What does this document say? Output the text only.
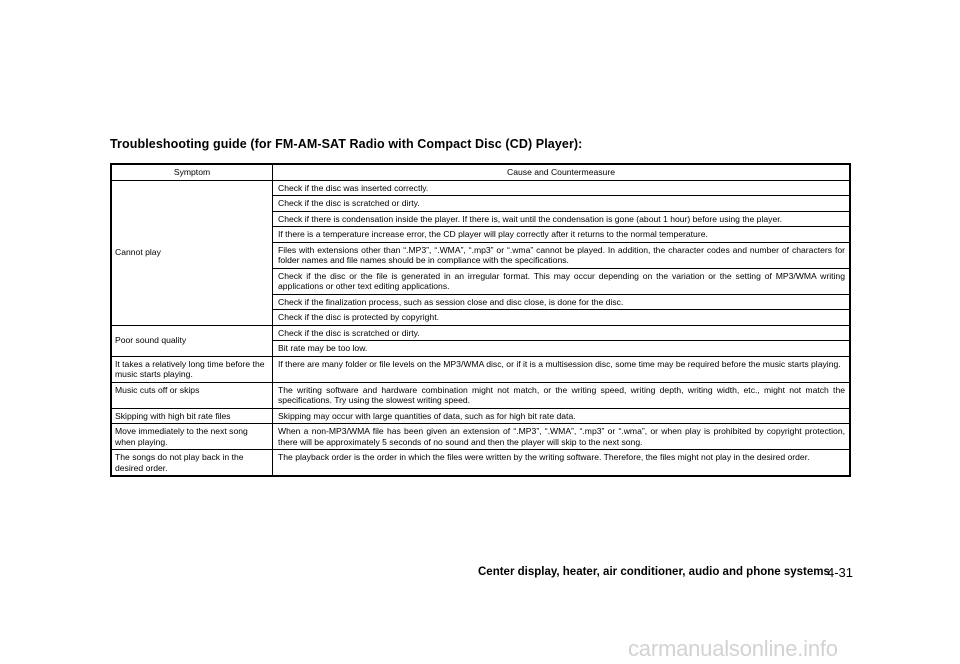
Troubleshooting guide (for FM-AM-SAT Radio with Compact Disc (CD) Player):
Symptom	Cause and Countermeasure
Cannot play	Check if the disc was inserted correctly.
	Check if the disc is scratched or dirty.
	Check if there is condensation inside the player. If there is, wait until the condensation is gone (about 1 hour) before using the player.
	If there is a temperature increase error, the CD player will play correctly after it returns to the normal temperature.
	Files with extensions other than “.MP3”, “.WMA”, “.mp3” or “.wma” cannot be played. In addition, the character codes and number of characters for folder names and file names should be in compliance with the specifications.
	Check if the disc or the file is generated in an irregular format. This may occur depending on the variation or the setting of MP3/WMA writing applications or other text editing applications.
	Check if the finalization process, such as session close and disc close, is done for the disc.
	Check if the disc is protected by copyright.
Poor sound quality	Check if the disc is scratched or dirty.
	Bit rate may be too low.
It takes a relatively long time before the music starts playing.	If there are many folder or file levels on the MP3/WMA disc, or if it is a multisession disc, some time may be required before the music starts playing.
Music cuts off or skips	The writing software and hardware combination might not match, or the writing speed, writing depth, writing width, etc., might not match the specifications. Try using the slowest writing speed.
Skipping with high bit rate files	Skipping may occur with large quantities of data, such as for high bit rate data.
Move immediately to the next song when playing.	When a non-MP3/WMA file has been given an extension of “.MP3”, “.WMA”, “.mp3” or “.wma”, or when play is prohibited by copyright protection, there will be approximately 5 seconds of no sound and then the player will skip to the next song.
The songs do not play back in the desired order.	The playback order is the order in which the files were written by the writing software. Therefore, the files might not play in the desired order.
Center display, heater, air conditioner, audio and phone systems
4-31
carmanualsonline.info
